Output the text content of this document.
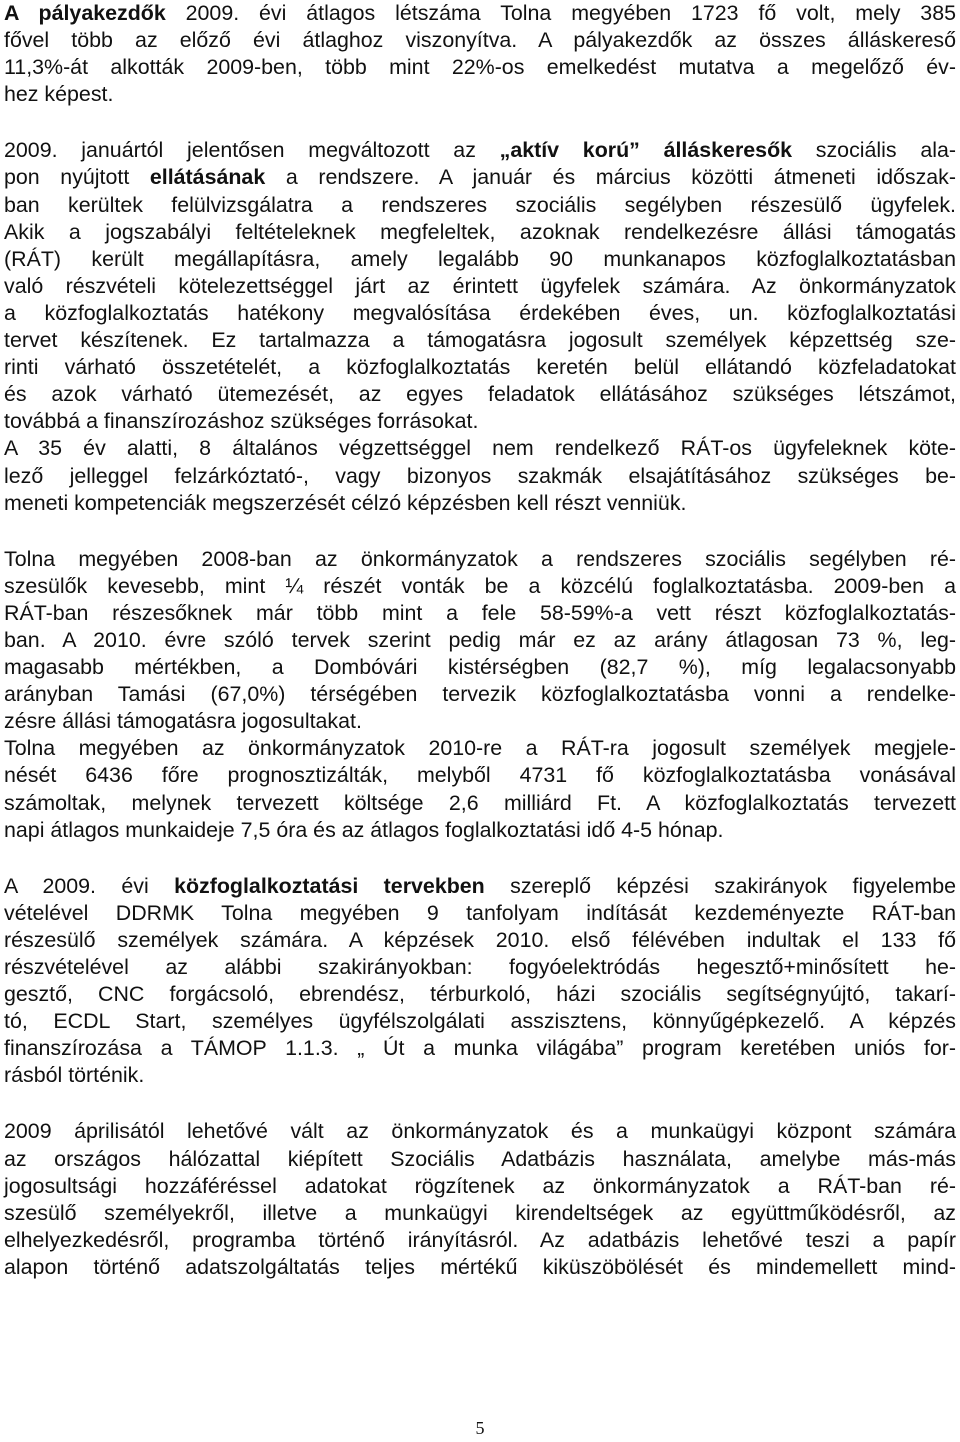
A pályakezdők 2009. évi átlagos létszáma Tolna megyében 1723 fő volt, mely 385
fővel több az előző évi átlaghoz viszonyítva. A pályakezdők az összes álláskereső
11,3%-át alkották 2009-ben, több mint 22%-os emelkedést mutatva a megelőző év-
hez képest.
2009. januártól jelentősen megváltozott az „aktív korú” álláskeresők szociális ala-
pon nyújtott ellátásának a rendszere. A január és március közötti átmeneti időszak-
ban kerültek felülvizsgálatra a rendszeres szociális segélyben részesülő ügyfelek.
Akik a jogszabályi feltételeknek megfeleltek, azoknak rendelkezésre állási támogatás
(RÁT) került megállapításra, amely legalább 90 munkanapos közfoglalkoztatásban
való részvételi kötelezettséggel járt az érintett ügyfelek számára. Az önkormányzatok
a közfoglalkoztatás hatékony megvalósítása érdekében éves, un. közfoglalkoztatási
tervet készítenek. Ez tartalmazza a támogatásra jogosult személyek képzettség sze-
rinti várható összetételét, a közfoglalkoztatás keretén belül ellátandó közfeladatokat
és azok várható ütemezését, az egyes feladatok ellátásához szükséges létszámot,
továbbá a finanszírozáshoz szükséges forrásokat.
A 35 év alatti, 8 általános végzettséggel nem rendelkező RÁT-os ügyfeleknek köte-
lező jelleggel felzárkóztató-, vagy bizonyos szakmák elsajátításához szükséges be-
meneti kompetenciák megszerzését célzó képzésben kell részt venniük.
Tolna megyében 2008-ban az önkormányzatok a rendszeres szociális segélyben ré-
szesülők kevesebb, mint ¼ részét vonták be a közcélú foglalkoztatásba. 2009-ben a
RÁT-ban részesőknek már több mint a fele 58-59%-a vett részt közfoglalkoztatás-
ban. A 2010. évre szóló tervek szerint pedig már ez az arány átlagosan 73 %, leg-
magasabb mértékben, a Dombóvári kistérségben (82,7 %), míg legalacsonyabb
arányban Tamási (67,0%) térségében tervezik közfoglalkoztatásba vonni a rendelke-
zésre állási támogatásra jogosultakat.
Tolna megyében az önkormányzatok 2010-re a RÁT-ra jogosult személyek megjele-
nését 6436 főre prognosztizálták, melyből 4731 fő közfoglalkoztatásba vonásával
számoltak, melynek tervezett költsége 2,6 milliárd Ft. A közfoglalkoztatás tervezett
napi átlagos munkaideje 7,5 óra és az átlagos foglalkoztatási idő 4-5 hónap.
A 2009. évi közfoglalkoztatási tervekben szereplő képzési szakirányok figyelembe
vételével DDRMK Tolna megyében 9 tanfolyam indítását kezdeményezte RÁT-ban
részesülő személyek számára. A képzések 2010. első félévében indultak el 133 fő
részvételével az alábbi szakirányokban: fogyóelektródás hegesztő+minősített he-
gesztő, CNC forgácsoló, ebrendész, térburkoló, házi szociális segítségnyújtó, takarí-
tó, ECDL Start, személyes ügyfélszolgálati asszisztens, könnyűgépkezelő. A képzés
finanszírozása a TÁMOP 1.1.3. „ Út a munka világába” program keretében uniós for-
rásból történik.
2009 áprilisától lehetővé vált az önkormányzatok és a munkaügyi központ számára
az országos hálózattal kiépített Szociális Adatbázis használata, amelybe más-más
jogosultsági hozzáféréssel adatokat rögzítenek az önkormányzatok a RÁT-ban ré-
szesülő személyekről, illetve a munkaügyi kirendeltségek az együttműködésről, az
elhelyezkedésről, programba történő irányításról. Az adatbázis lehetővé teszi a papír
alapon történő adatszolgáltatás teljes mértékű kiküszöbölését és mindemellett mind-
5
